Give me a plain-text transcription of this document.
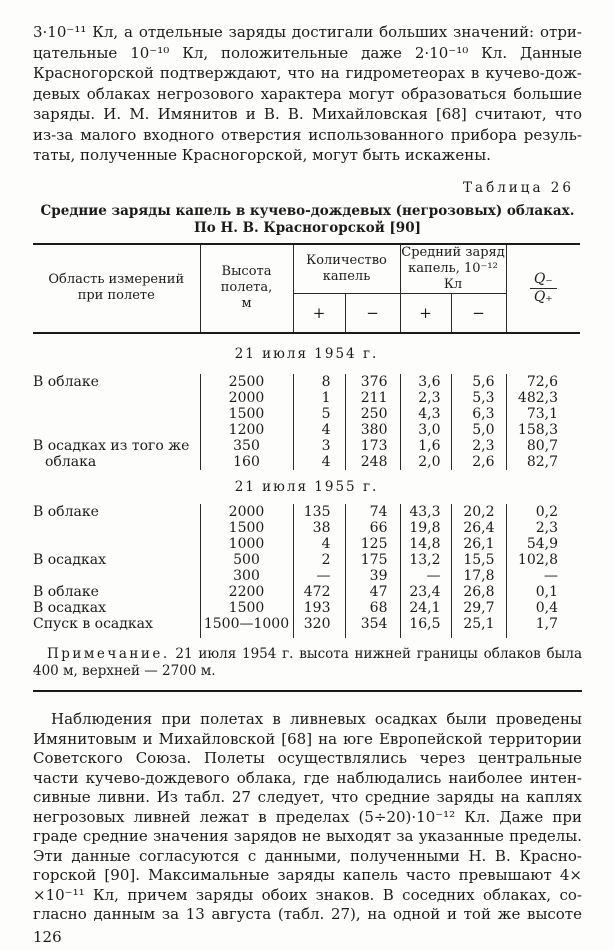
3·10⁻¹¹ Кл, а отдельные заряды достигали больших значений: отри-
цательные 10⁻¹⁰ Кл, положительные даже 2·10⁻¹⁰ Кл. Данные
Красногорской подтверждают, что на гидрометеорах в кучево-дож-
девых облаках негрозового характера могут образоваться большие
заряды. И. М. Имянитов и В. В. Михайловская [68] считают, что
из-за малого входного отверстия использованного прибора резуль-
таты, полученные Красногорской, могут быть искажены.
Таблица 26
Средние заряды капель в кучево-дождевых (негрозовых) облаках.
По Н. В. Красногорской [90]
Область измерений
при полете

Высота
полета,
м

Количество
капель

Средний заряд
капель, 10⁻¹² Кл	$\frac{Q_-}{Q_+}$

		+	−	+	−	
21 июля 1954 г.						
В облаке	2500	8	376	3,6	5,6	72,6
	2000	1	211	2,3	5,3	482,3
	1500	5	250	4,3	6,3	73,1
	1200	4	380	3,0	5,0	158,3
В осадках из того же	350	3	173	1,6	2,3	80,7
облака	160	4	248	2,0	2,6	82,7
21 июля 1955 г.						
В облаке	2000	135	74	43,3	20,2	0,2
	1500	38	66	19,8	26,4	2,3
	1000	4	125	14,8	26,1	54,9
В осадках	500	2	175	13,2	15,5	102,8
	300	—	39	—	17,8	—
В облаке	2200	472	47	23,4	26,8	0,1
В осадках	1500	193	68	24,1	29,7	0,4
Спуск в осадках	1500—1000	320	354	16,5	25,1	1,7

Примечание. 21 июля 1954 г. высота нижней границы облаков была
400 м, верхней — 2700 м.
Наблюдения при полетах в ливневых осадках были проведены
Имянитовым и Михайловской [68] на юге Европейской территории
Советского Союза. Полеты осуществлялись через центральные
части кучево-дождевого облака, где наблюдались наиболее интен-
сивные ливни. Из табл. 27 следует, что средние заряды на каплях
негрозовых ливней лежат в пределах (5÷20)·10⁻¹² Кл. Даже при
граде средние значения зарядов не выходят за указанные пределы.
Эти данные согласуются с данными, полученными Н. В. Красно-
горской [90]. Максимальные заряды капель часто превышают 4×
×10⁻¹¹ Кл, причем заряды обоих знаков. В соседних облаках, со-
гласно данным за 13 августа (табл. 27), на одной и той же высоте
126
